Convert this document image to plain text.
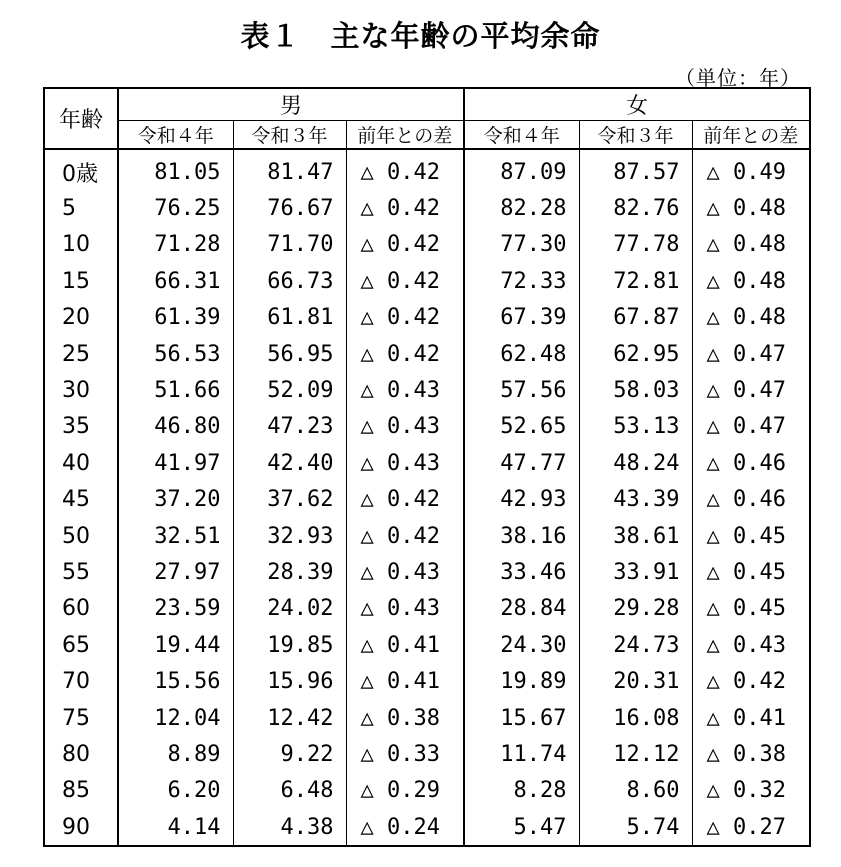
表１　主な年齢の平均余命
（単位：年）
年齢	男			女		
	令和４年	令和３年	前年との差	令和４年	令和３年	前年との差
0歳	81.05	81.47	△ 0.42	87.09	87.57	△ 0.49
5	76.25	76.67	△ 0.42	82.28	82.76	△ 0.48
10	71.28	71.70	△ 0.42	77.30	77.78	△ 0.48
15	66.31	66.73	△ 0.42	72.33	72.81	△ 0.48
20	61.39	61.81	△ 0.42	67.39	67.87	△ 0.48
25	56.53	56.95	△ 0.42	62.48	62.95	△ 0.47
30	51.66	52.09	△ 0.43	57.56	58.03	△ 0.47
35	46.80	47.23	△ 0.43	52.65	53.13	△ 0.47
40	41.97	42.40	△ 0.43	47.77	48.24	△ 0.46
45	37.20	37.62	△ 0.42	42.93	43.39	△ 0.46
50	32.51	32.93	△ 0.42	38.16	38.61	△ 0.45
55	27.97	28.39	△ 0.43	33.46	33.91	△ 0.45
60	23.59	24.02	△ 0.43	28.84	29.28	△ 0.45
65	19.44	19.85	△ 0.41	24.30	24.73	△ 0.43
70	15.56	15.96	△ 0.41	19.89	20.31	△ 0.42
75	12.04	12.42	△ 0.38	15.67	16.08	△ 0.41
80	8.89	9.22	△ 0.33	11.74	12.12	△ 0.38
85	6.20	6.48	△ 0.29	8.28	8.60	△ 0.32
90	4.14	4.38	△ 0.24	5.47	5.74	△ 0.27
